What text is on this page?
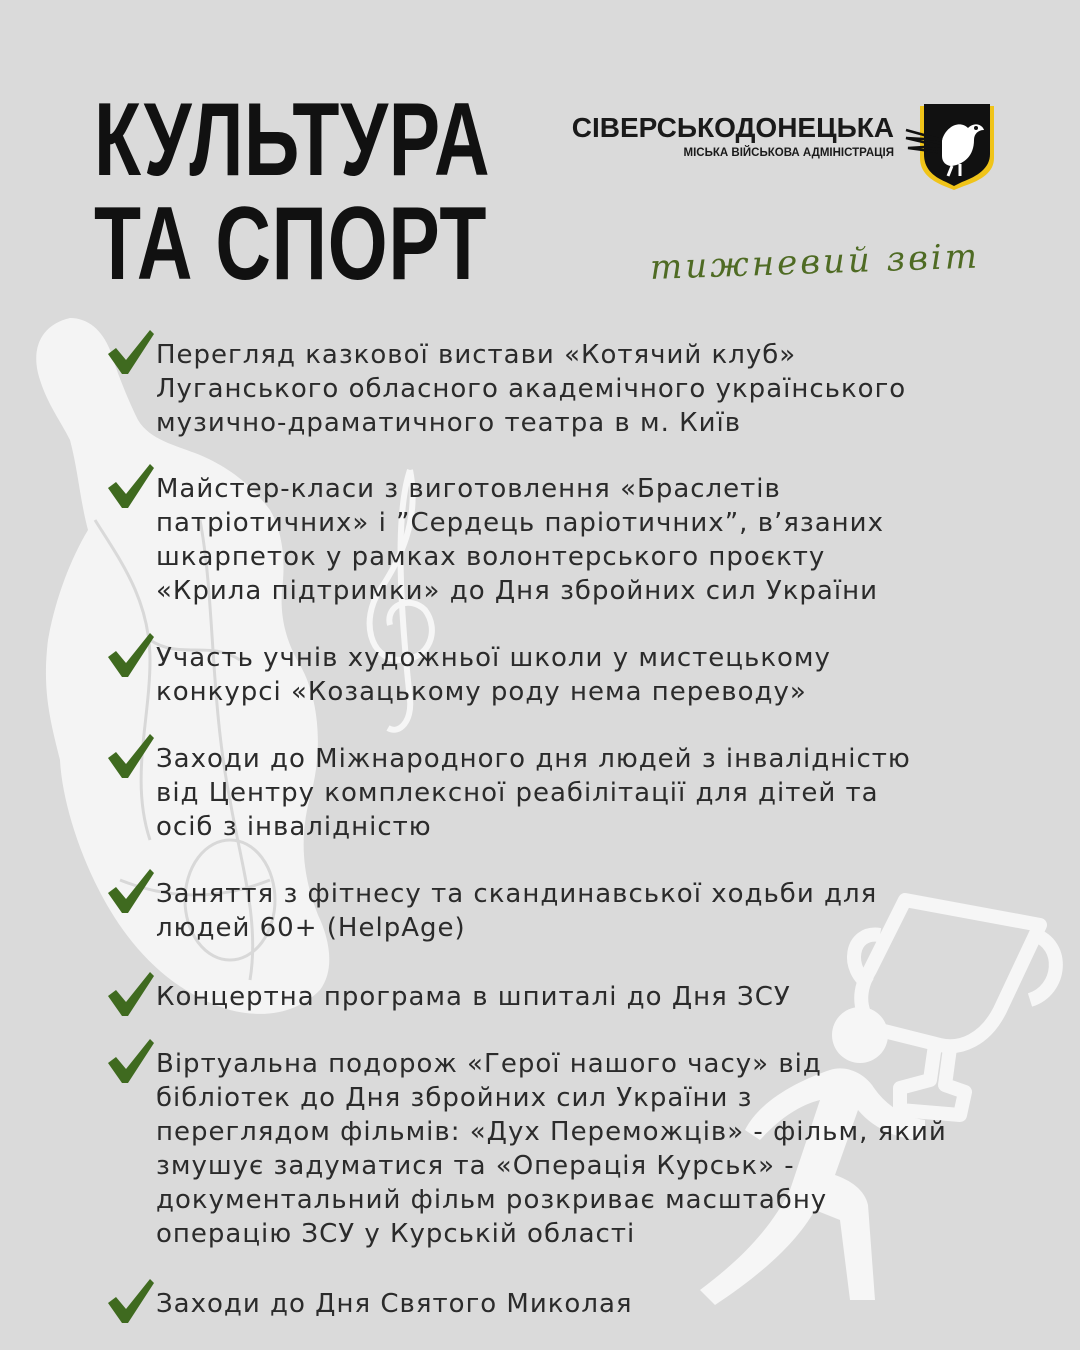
КУЛЬТУРА
ТА СПОРТ
СІВЕРСЬКОДОНЕЦЬКА
МІСЬКА ВІЙСЬКОВА АДМІНІСТРАЦІЯ
тижневий звіт
Перегляд казкової вистави «Котячий клуб»
Луганського обласного академічного українського
музично-драматичного театра в м. Київ
Майстер-класи з виготовлення «Браслетів
патріотичних» і ”Сердець паріотичних”, в’язаних
шкарпеток у рамках волонтерського проєкту
«Крила підтримки» до Дня збройних сил України
Участь учнів художньої школи у мистецькому
конкурсі «Козацькому роду нема переводу»
Заходи до Міжнародного дня людей з інвалідністю
від Центру комплексної реабілітації для дітей та
осіб з інвалідністю
Заняття з фітнесу та скандинавської ходьби для
людей 60+ (HelpAge)
Концертна програма в шпиталі до Дня ЗСУ
Віртуальна подорож «Герої нашого часу» від
бібліотек до Дня збройних сил України з
переглядом фільмів: «Дух Переможців» - фільм, який
змушує задуматися та «Операція Курськ» -
документальний фільм розкриває масштабну
операцію ЗСУ у Курській області
Заходи до Дня Святого Миколая
